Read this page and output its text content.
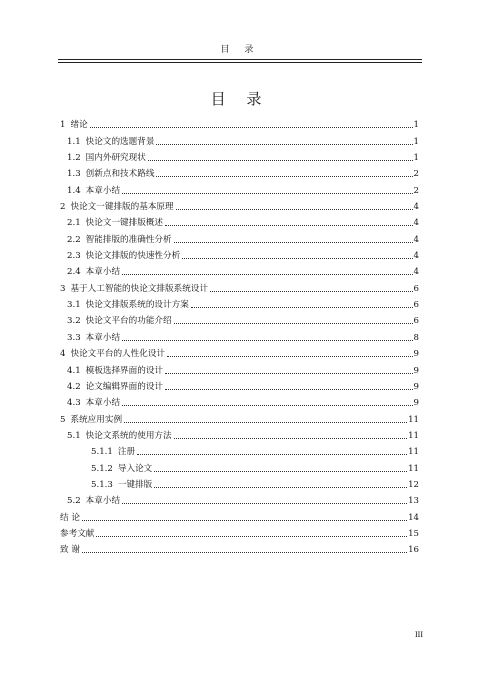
目 录
目 录
1 绪论	1
1.1 快论文的选题背景	1
1.2 国内外研究现状	1
1.3 创新点和技术路线	2
1.4 本章小结	2
2 快论文一键排版的基本原理	4
2.1 快论文一键排版概述	4
2.2 智能排版的准确性分析	4
2.3 快论文排版的快速性分析	4
2.4 本章小结	4
3 基于人工智能的快论文排版系统设计	6
3.1 快论文排版系统的设计方案	6
3.2 快论文平台的功能介绍	6
3.3 本章小结	8
4 快论文平台的人性化设计	9
4.1 模板选择界面的设计	9
4.2 论文编辑界面的设计	9
4.3 本章小结	9
5 系统应用实例	11
5.1 快论文系统的使用方法	11
5.1.1 注册	11
5.1.2 导入论文	11
5.1.3 一键排版	12
5.2 本章小结	13
结 论	14
参考文献	15
致 谢	16
III
